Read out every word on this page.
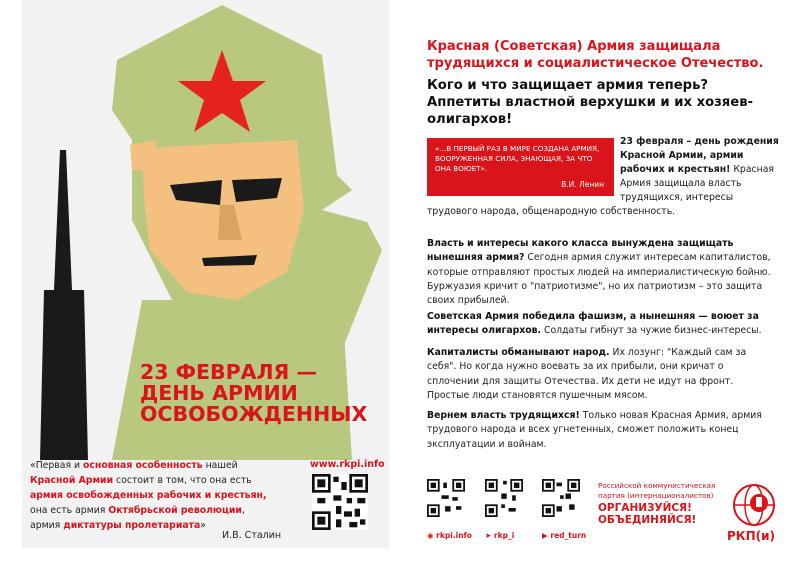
23 ФЕВРАЛЯ —
ДЕНЬ АРМИИ
ОСВОБОЖДЕННЫХ
«Первая и основная особенность нашей
Красной Армии состоит в том, что она есть
армия освобожденных рабочих и крестьян,
она есть армия Октябрьской революции,
армия диктатуры пролетариата»
И.В. Сталин
www.rkpi.info
Красная (Советская) Армия защищала трудящихся и социалистическое Отечество.
Кого и что защищает армия теперь? Аппетиты властной верхушки и их хозяев-олигархов!
«...В ПЕРВЫЙ РАЗ В МИРЕ СОЗДАНА АРМИЯ, ВООРУЖЕННАЯ СИЛА, ЗНАЮЩАЯ, ЗА ЧТО ОНА ВОЮЕТ».
В.И. Ленин
23 февраля – день рождения Красной Армии, армии рабочих и крестьян! Красная Армия защищала власть трудящихся, интересы
трудового народа, общенародную собственность.
Власть и интересы какого класса вынуждена защищать нынешняя армия? Сегодня армия служит интересам капиталистов, которые отправляют простых людей на империалистическую бойню. Буржуазия кричит о "патриотизме", но их патриотизм – это защита своих прибылей.
Советская Армия победила фашизм, а нынешняя — воюет за интересы олигархов. Солдаты гибнут за чужие бизнес-интересы.
Капиталисты обманывают народ. Их лозунг: "Каждый сам за себя". Но когда нужно воевать за их прибыли, они кричат о сплочении для защиты Отечества. Их дети не идут на фронт. Простые люди становятся пушечным мясом.
Вернем власть трудящихся! Только новая Красная Армия, армия трудового народа и всех угнетенных, сможет положить конец эксплуатации и войнам.
◉ rkpi.info ➤ rkp_i	▶ red_turn
Российской коммунистическая партия (интернационалистов)
ОРГАНИЗУЙСЯ!
ОБЪЕДИНЯЙСЯ!
РКП(и)
